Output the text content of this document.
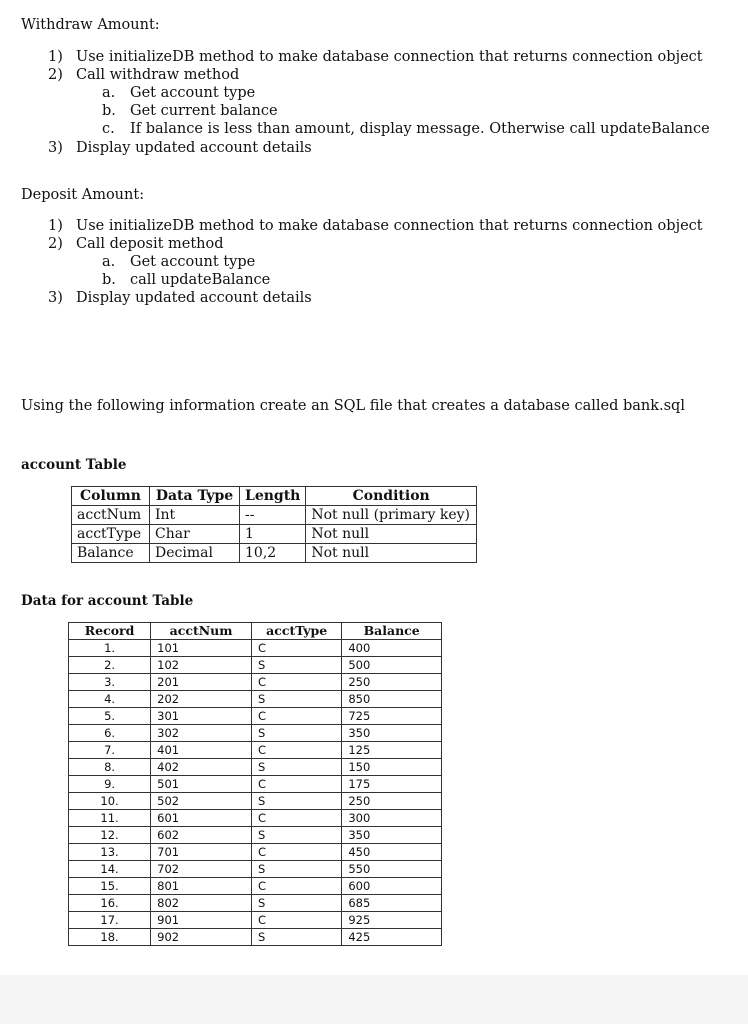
Withdraw Amount:
1) Use initializeDB method to make database connection that returns connection object
2) Call withdraw method
a. Get account type
b. Get current balance
c. If balance is less than amount, display message. Otherwise call updateBalance
3) Display updated account details
Deposit Amount:
1) Use initializeDB method to make database connection that returns connection object
2) Call deposit method
a. Get account type
b. call updateBalance
3) Display updated account details
Using the following information create an SQL file that creates a database called bank.sql
account Table
Column	Data Type	Length	Condition
acctNum	Int	--	Not null (primary key)
acctType	Char	1	Not null
Balance	Decimal	10,2	Not null
Data for account Table
Record	acctNum	acctType	Balance
1.	101	C	400
2.	102	S	500
3.	201	C	250
4.	202	S	850
5.	301	C	725
6.	302	S	350
7.	401	C	125
8.	402	S	150
9.	501	C	175
10.	502	S	250
11.	601	C	300
12.	602	S	350
13.	701	C	450
14.	702	S	550
15.	801	C	600
16.	802	S	685
17.	901	C	925
18.	902	S	425
